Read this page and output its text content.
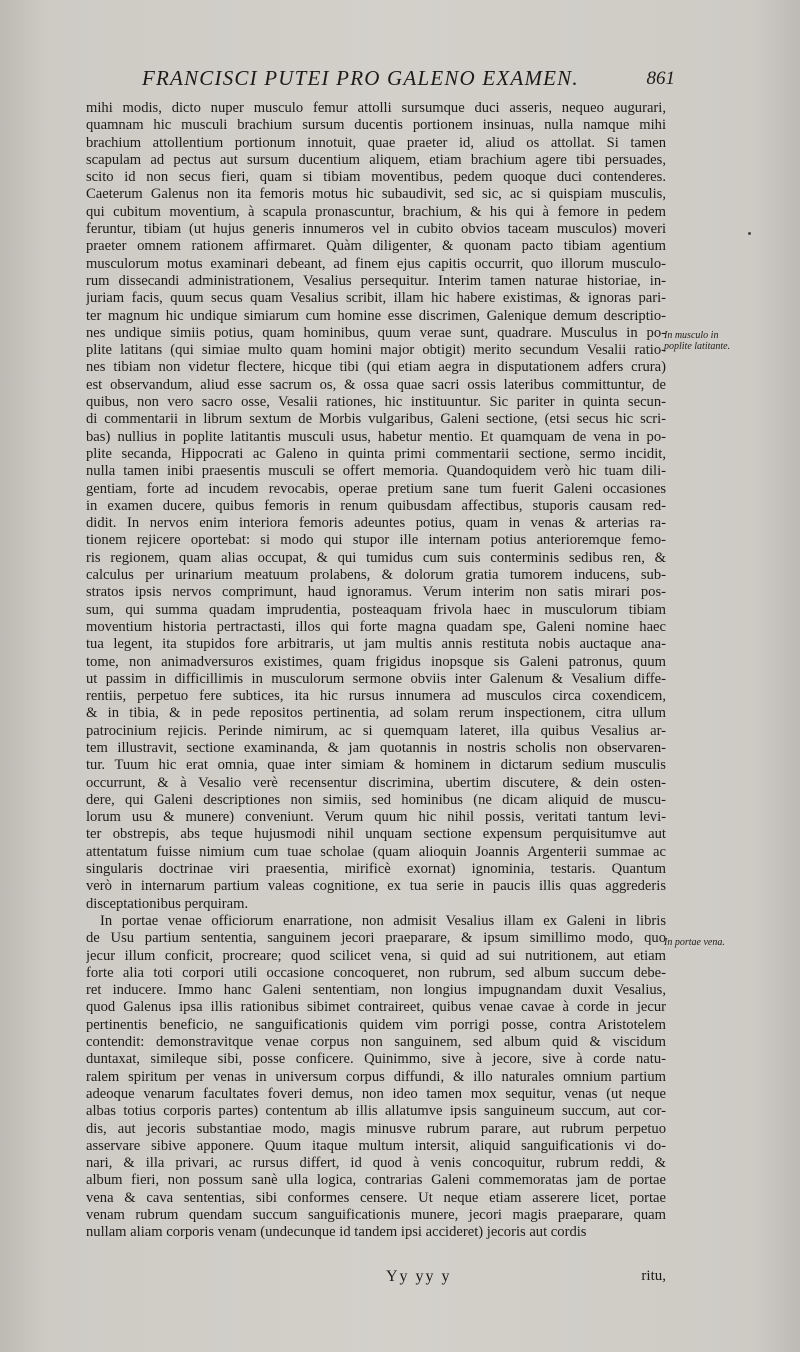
FRANCISCI PUTEI PRO GALENO EXAMEN.	861
mihi modis, dicto nuper musculo femur attolli sursumque duci asseris, nequeo augurari,
quamnam hic musculi brachium sursum ducentis portionem insinuas, nulla namque mihi
brachium attollentium portionum innotuit, quae praeter id, aliud os attollat. Si tamen
scapulam ad pectus aut sursum ducentium aliquem, etiam brachium agere tibi persuades,
scito id non secus fieri, quam si tibiam moventibus, pedem quoque duci contenderes.
Caeterum Galenus non ita femoris motus hic subaudivit, sed sic, ac si quispiam musculis,
qui cubitum moventium, à scapula pronascuntur, brachium, & his qui à femore in pedem
feruntur, tibiam (ut hujus generis innumeros vel in cubito obvios taceam musculos) moveri
praeter omnem rationem affirmaret. Quàm diligenter, & quonam pacto tibiam agentium
musculorum motus examinari debeant, ad finem ejus capitis occurrit, quo illorum musculo-
rum dissecandi administrationem, Vesalius persequitur. Interim tamen naturae historiae, in-
juriam facis, quum secus quam Vesalius scribit, illam hic habere existimas, & ignoras pari-
ter magnum hic undique simiarum cum homine esse discrimen, Galenique demum descriptio-
nes undique simiis potius, quam hominibus, quum verae sunt, quadrare. Musculus in po-
plite latitans (qui simiae multo quam homini major obtigit) merito secundum Vesalii ratio-
nes tibiam non videtur flectere, hicque tibi (qui etiam aegra in disputationem adfers crura)
est observandum, aliud esse sacrum os, & ossa quae sacri ossis lateribus committuntur, de
quibus, non vero sacro osse, Vesalii rationes, hic instituuntur. Sic pariter in quinta secun-
di commentarii in librum sextum de Morbis vulgaribus, Galeni sectione, (etsi secus hic scri-
bas) nullius in poplite latitantis musculi usus, habetur mentio. Et quamquam de vena in po-
plite secanda, Hippocrati ac Galeno in quinta primi commentarii sectione, sermo incidit,
nulla tamen inibi praesentis musculi se offert memoria. Quandoquidem verò hic tuam dili-
gentiam, forte ad incudem revocabis, operae pretium sane tum fuerit Galeni occasiones
in examen ducere, quibus femoris in renum quibusdam affectibus, stuporis causam red-
didit. In nervos enim interiora femoris adeuntes potius, quam in venas & arterias ra-
tionem rejicere oportebat: si modo qui stupor ille internam potius anterioremque femo-
ris regionem, quam alias occupat, & qui tumidus cum suis conterminis sedibus ren, &
calculus per urinarium meatuum prolabens, & dolorum gratia tumorem inducens, sub-
stratos ipsis nervos comprimunt, haud ignoramus. Verum interim non satis mirari pos-
sum, qui summa quadam imprudentia, posteaquam frivola haec in musculorum tibiam
moventium historia pertractasti, illos qui forte magna quadam spe, Galeni nomine haec
tua legent, ita stupidos fore arbitraris, ut jam multis annis restituta nobis auctaque ana-
tome, non animadversuros existimes, quam frigidus inopsque sis Galeni patronus, quum
ut passim in difficillimis in musculorum sermone obviis inter Galenum & Vesalium diffe-
rentiis, perpetuo fere subtices, ita hic rursus innumera ad musculos circa coxendicem,
& in tibia, & in pede repositos pertinentia, ad solam rerum inspectionem, citra ullum
patrocinium rejicis. Perinde nimirum, ac si quemquam lateret, illa quibus Vesalius ar-
tem illustravit, sectione examinanda, & jam quotannis in nostris scholis non observaren-
tur. Tuum hic erat omnia, quae inter simiam & hominem in dictarum sedium musculis
occurrunt, & à Vesalio verè recensentur discrimina, ubertim discutere, & dein osten-
dere, qui Galeni descriptiones non simiis, sed hominibus (ne dicam aliquid de muscu-
lorum usu & munere) conveniunt. Verum quum hic nihil possis, veritati tantum levi-
ter obstrepis, abs teque hujusmodi nihil unquam sectione expensum perquisitumve aut
attentatum fuisse nimium cum tuae scholae (quam alioquin Joannis Argenterii summae ac
singularis doctrinae viri praesentia, mirificè exornat) ignominia, testaris. Quantum
verò in internarum partium valeas cognitione, ex tua serie in paucis illis quas aggrederis
disceptationibus perquiram.
In portae venae officiorum enarratione, non admisit Vesalius illam ex Galeni in libris
de Usu partium sententia, sanguinem jecori praeparare, & ipsum simillimo modo, quo
jecur illum conficit, procreare; quod scilicet vena, si quid ad sui nutritionem, aut etiam
forte alia toti corpori utili occasione concoqueret, non rubrum, sed album succum debe-
ret inducere. Immo hanc Galeni sententiam, non longius impugnandam duxit Vesalius,
quod Galenus ipsa illis rationibus sibimet contraireet, quibus venae cavae à corde in jecur
pertinentis beneficio, ne sanguificationis quidem vim porrigi posse, contra Aristotelem
contendit: demonstravitque venae corpus non sanguinem, sed album quid & viscidum
duntaxat, simileque sibi, posse conficere. Quinimmo, sive à jecore, sive à corde natu-
ralem spiritum per venas in universum corpus diffundi, & illo naturales omnium partium
adeoque venarum facultates foveri demus, non ideo tamen mox sequitur, venas (ut neque
albas totius corporis partes) contentum ab illis allatumve ipsis sanguineum succum, aut cor-
dis, aut jecoris substantiae modo, magis minusve rubrum parare, aut rubrum perpetuo
asservare sibive apponere. Quum itaque multum intersit, aliquid sanguificationis vi do-
nari, & illa privari, ac rursus differt, id quod à venis concoquitur, rubrum reddi, &
album fieri, non possum sanè ulla logica, contrarias Galeni commemoratas jam de portae
vena & cava sententias, sibi conformes censere. Ut neque etiam asserere licet, portae
venam rubrum quendam succum sanguificationis munere, jecori magis praeparare, quam
nullam aliam corporis venam (undecunque id tandem ipsi accideret) jecoris aut cordis
In musculo in poplite latitante.
In portae vena.
Yy yy y	ritu,
